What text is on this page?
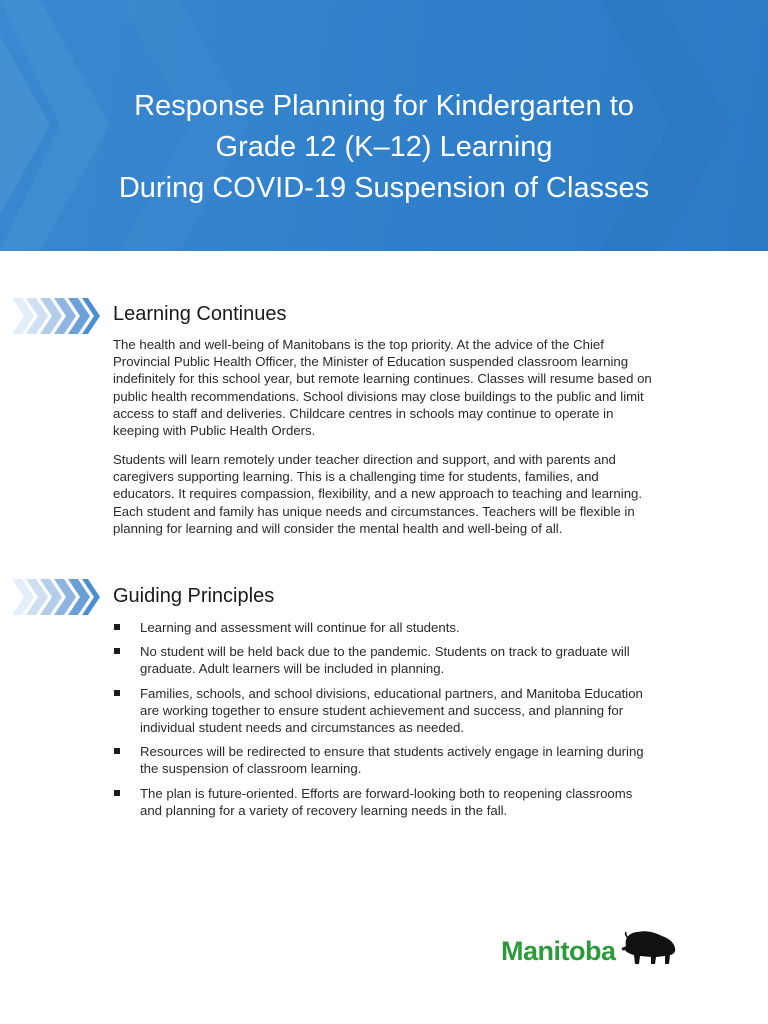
Response Planning for Kindergarten to
Grade 12 (K–12) Learning
During COVID-19 Suspension of Classes
Learning Continues

The health and well-being of Manitobans is the top priority. At the advice of the Chief Provincial Public Health Officer, the Minister of Education suspended classroom learning indefinitely for this school year, but remote learning continues. Classes will resume based on public health recommendations. School divisions may close buildings to the public and limit access to staff and deliveries. Childcare centres in schools may continue to operate in keeping with Public Health Orders.

Students will learn remotely under teacher direction and support, and with parents and caregivers supporting learning. This is a challenging time for students, families, and educators. It requires compassion, flexibility, and a new approach to teaching and learning. Each student and family has unique needs and circumstances. Teachers will be flexible in planning for learning and will consider the mental health and well-being of all.

Guiding Principles
Learning and assessment will continue for all students.
No student will be held back due to the pandemic. Students on track to graduate will graduate. Adult learners will be included in planning.
Families, schools, and school divisions, educational partners, and Manitoba Education are working together to ensure student achievement and success, and planning for individual student needs and circumstances as needed.
Resources will be redirected to ensure that students actively engage in learning during the suspension of classroom learning.
The plan is future-oriented. Efforts are forward-looking both to reopening classrooms and planning for a variety of recovery learning needs in the fall.
Manitoba
